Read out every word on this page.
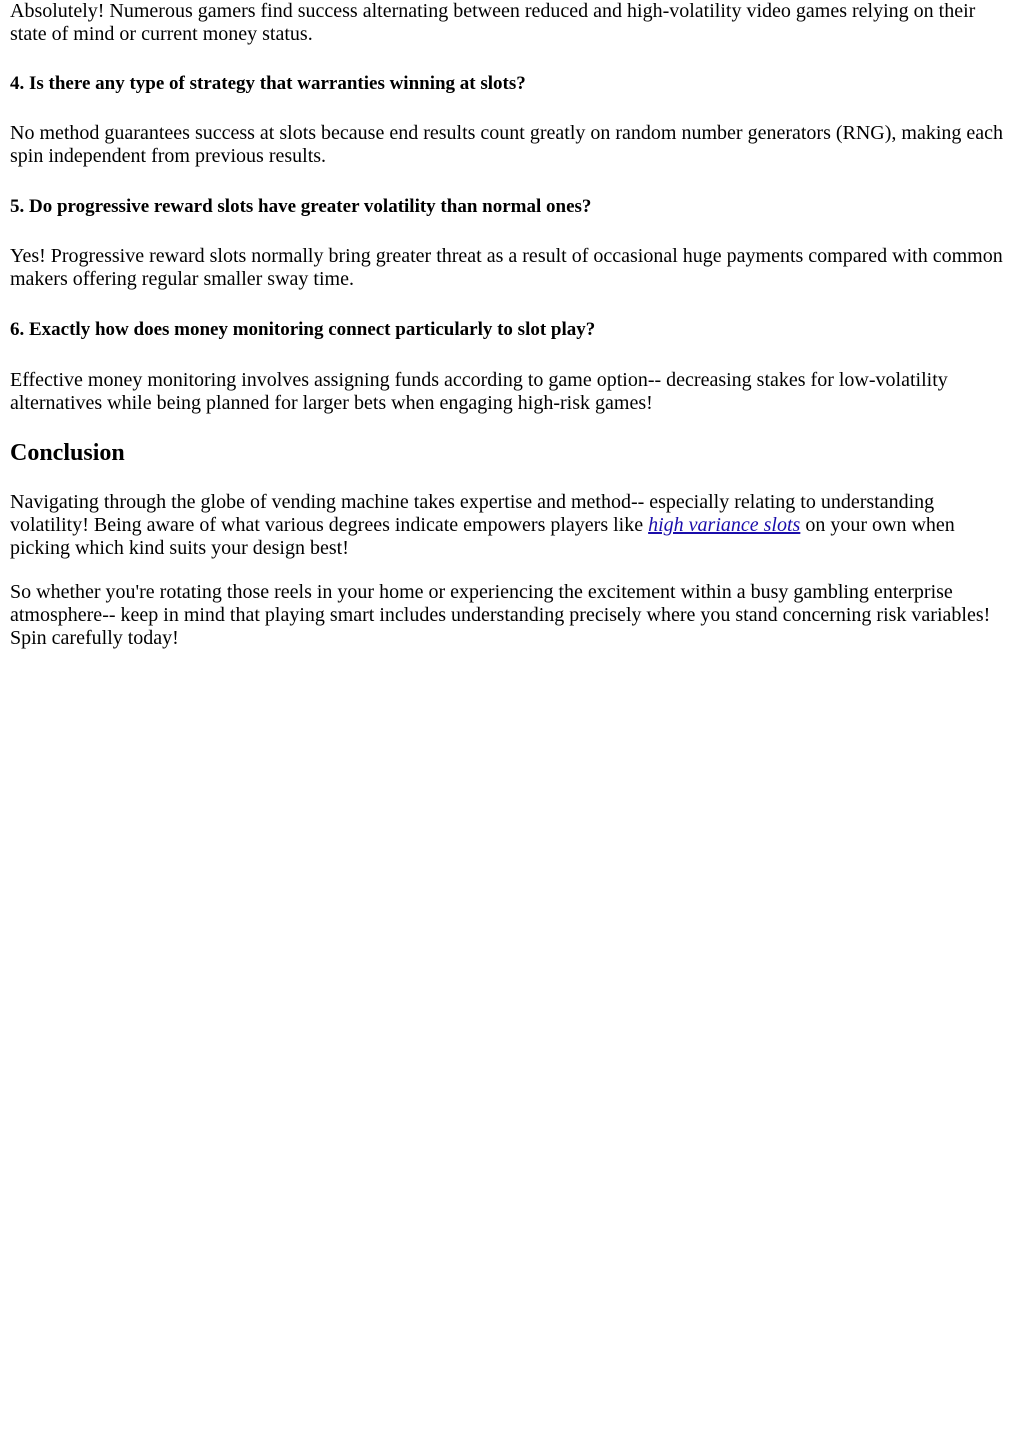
Absolutely! Numerous gamers find success alternating between reduced and high-volatility video games relying on their state of mind or current money status.

4. Is there any type of strategy that warranties winning at slots?

No method guarantees success at slots because end results count greatly on random number generators (RNG), making each spin independent from previous results.

5. Do progressive reward slots have greater volatility than normal ones?

Yes! Progressive reward slots normally bring greater threat as a result of occasional huge payments compared with common makers offering regular smaller sway time.

6. Exactly how does money monitoring connect particularly to slot play?

Effective money monitoring involves assigning funds according to game option-- decreasing stakes for low-volatility alternatives while being planned for larger bets when engaging high-risk games!

Conclusion

Navigating through the globe of vending machine takes expertise and method-- especially relating to understanding volatility! Being aware of what various degrees indicate empowers players like high variance slots on your own when picking which kind suits your design best!

So whether you're rotating those reels in your home or experiencing the excitement within a busy gambling enterprise atmosphere-- keep in mind that playing smart includes understanding precisely where you stand concerning risk variables! Spin carefully today!
